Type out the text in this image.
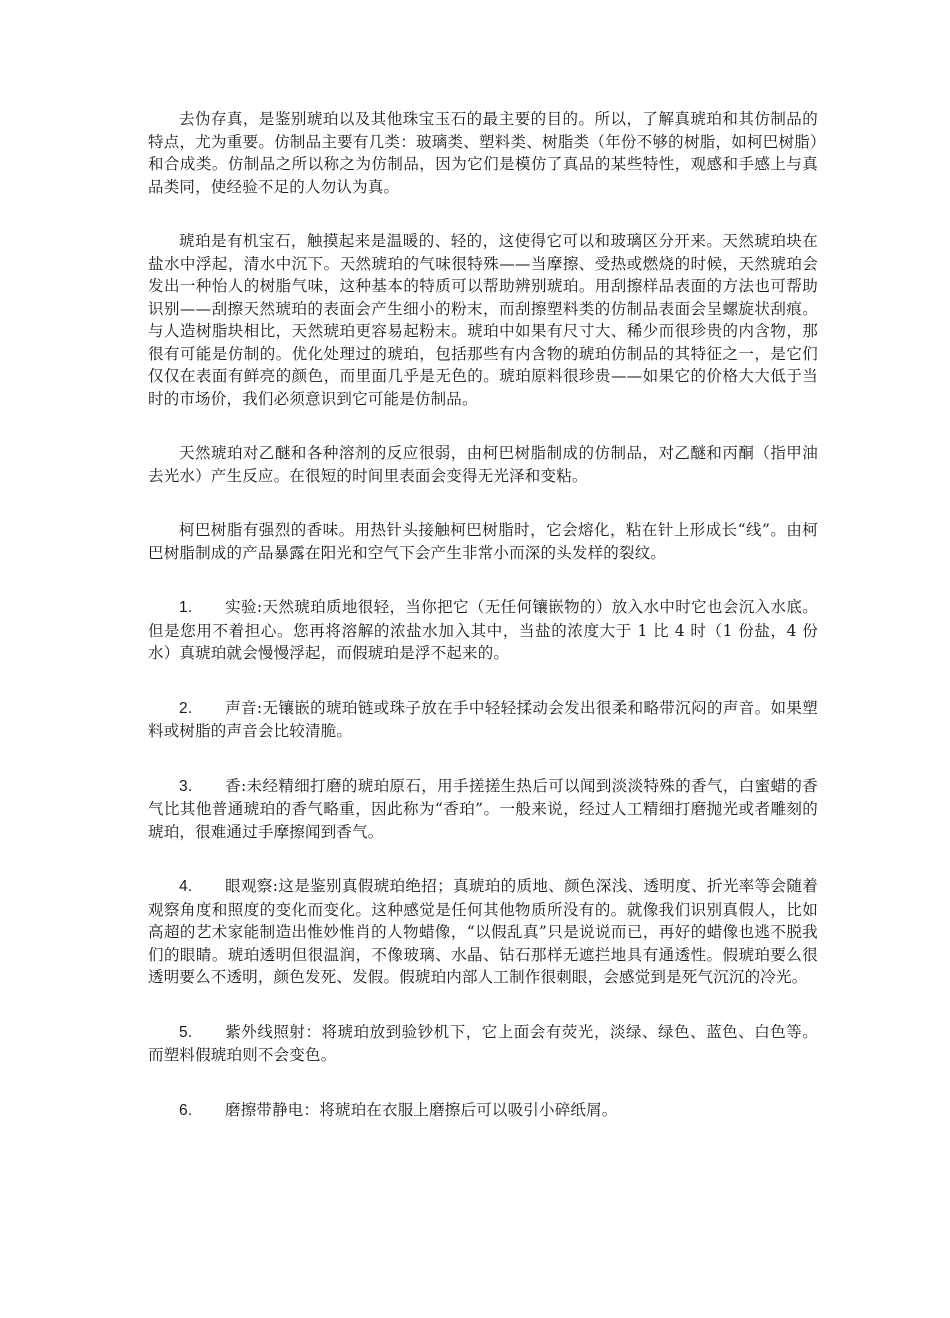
去伪存真，是鉴别琥珀以及其他珠宝玉石的最主要的目的。所以，了解真琥珀和其仿制品的特点，尤为重要。仿制品主要有几类：玻璃类、塑料类、树脂类（年份不够的树脂，如柯巴树脂）和合成类。仿制品之所以称之为仿制品，因为它们是模仿了真品的某些特性，观感和手感上与真品类同，使经验不足的人勿认为真。

琥珀是有机宝石，触摸起来是温暖的、轻的，这使得它可以和玻璃区分开来。天然琥珀块在盐水中浮起，清水中沉下。天然琥珀的气味很特殊——当摩擦、受热或燃烧的时候，天然琥珀会发出一种怡人的树脂气味，这种基本的特质可以帮助辨别琥珀。用刮擦样品表面的方法也可帮助识别——刮擦天然琥珀的表面会产生细小的粉末，而刮擦塑料类的仿制品表面会呈螺旋状刮痕。与人造树脂块相比，天然琥珀更容易起粉末。琥珀中如果有尺寸大、稀少而很珍贵的内含物，那很有可能是仿制的。优化处理过的琥珀，包括那些有内含物的琥珀仿制品的其特征之一，是它们仅仅在表面有鲜亮的颜色，而里面几乎是无色的。琥珀原料很珍贵——如果它的价格大大低于当时的市场价，我们必须意识到它可能是仿制品。

天然琥珀对乙醚和各种溶剂的反应很弱，由柯巴树脂制成的仿制品，对乙醚和丙酮（指甲油去光水）产生反应。在很短的时间里表面会变得无光泽和变粘。

柯巴树脂有强烈的香味。用热针头接触柯巴树脂时，它会熔化，粘在针上形成长“线”。由柯巴树脂制成的产品暴露在阳光和空气下会产生非常小而深的头发样的裂纹。

1. 实验:天然琥珀质地很轻，当你把它（无任何镶嵌物的）放入水中时它也会沉入水底。但是您用不着担心。您再将溶解的浓盐水加入其中，当盐的浓度大于 1 比 4 时（1 份盐，4 份水）真琥珀就会慢慢浮起，而假琥珀是浮不起来的。

2. 声音:无镶嵌的琥珀链或珠子放在手中轻轻揉动会发出很柔和略带沉闷的声音。如果塑料或树脂的声音会比较清脆。

3. 香:未经精细打磨的琥珀原石，用手搓搓生热后可以闻到淡淡特殊的香气，白蜜蜡的香气比其他普通琥珀的香气略重，因此称为“香珀”。一般来说，经过人工精细打磨抛光或者雕刻的琥珀，很难通过手摩擦闻到香气。

4. 眼观察:这是鉴别真假琥珀绝招；真琥珀的质地、颜色深浅、透明度、折光率等会随着观察角度和照度的变化而变化。这种感觉是任何其他物质所没有的。就像我们识别真假人，比如高超的艺术家能制造出惟妙惟肖的人物蜡像，“以假乱真”只是说说而已，再好的蜡像也逃不脱我们的眼睛。琥珀透明但很温润，不像玻璃、水晶、钻石那样无遮拦地具有通透性。假琥珀要么很透明要么不透明，颜色发死、发假。假琥珀内部人工制作很刺眼，会感觉到是死气沉沉的冷光。

5. 紫外线照射：将琥珀放到验钞机下，它上面会有荧光，淡绿、绿色、蓝色、白色等。而塑料假琥珀则不会变色。

6. 磨擦带静电：将琥珀在衣服上磨擦后可以吸引小碎纸屑。
